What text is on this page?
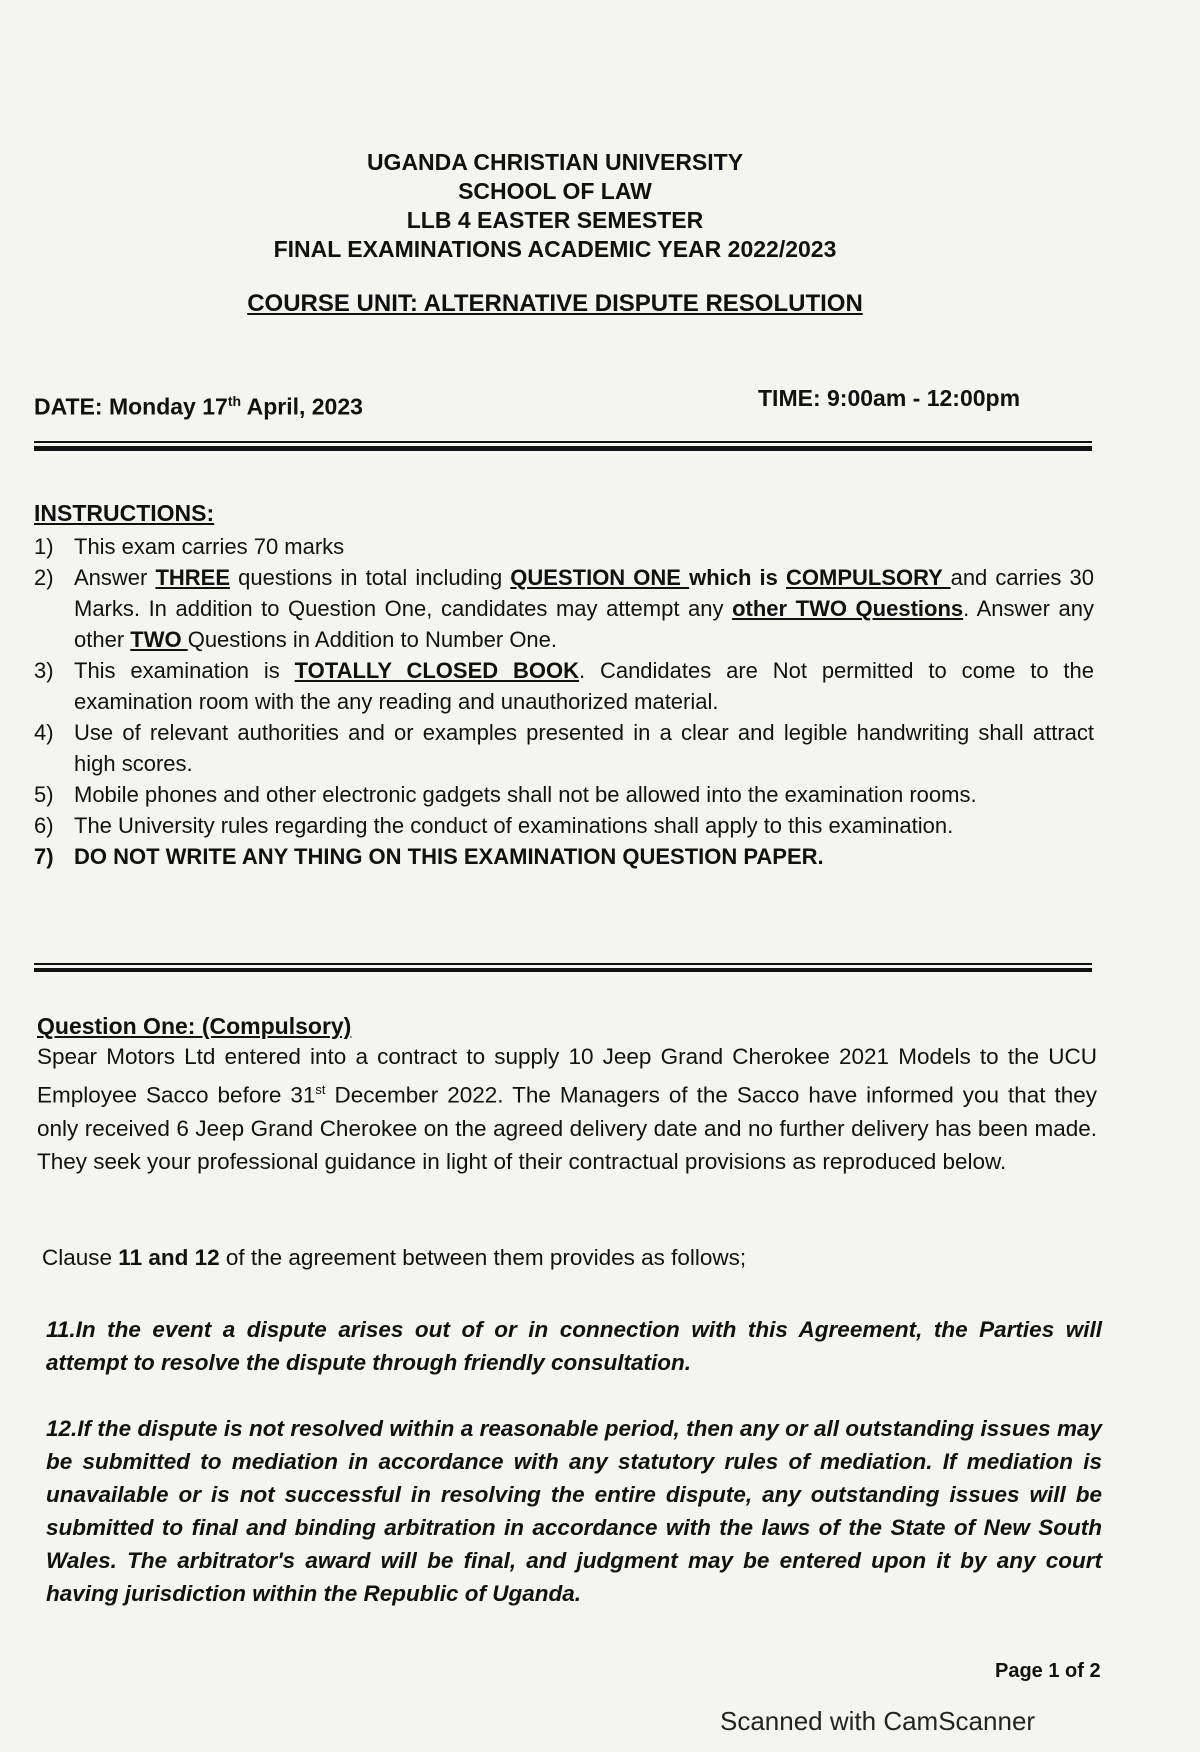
UGANDA CHRISTIAN UNIVERSITY
SCHOOL OF LAW
LLB 4 EASTER SEMESTER
FINAL EXAMINATIONS ACADEMIC YEAR 2022/2023
COURSE UNIT: ALTERNATIVE DISPUTE RESOLUTION
DATE: Monday 17th April, 2023	TIME: 9:00am - 12:00pm
INSTRUCTIONS:
1) This exam carries 70 marks
2) Answer THREE questions in total including QUESTION ONE which is COMPULSORY and carries 30 Marks. In addition to Question One, candidates may attempt any other TWO Questions. Answer any other TWO Questions in Addition to Number One.
3) This examination is TOTALLY CLOSED BOOK. Candidates are Not permitted to come to the examination room with the any reading and unauthorized material.
4) Use of relevant authorities and or examples presented in a clear and legible handwriting shall attract high scores.
5) Mobile phones and other electronic gadgets shall not be allowed into the examination rooms.
6) The University rules regarding the conduct of examinations shall apply to this examination.
7) DO NOT WRITE ANY THING ON THIS EXAMINATION QUESTION PAPER.
Question One: (Compulsory)
Spear Motors Ltd entered into a contract to supply 10 Jeep Grand Cherokee 2021 Models to the UCU Employee Sacco before 31st December 2022. The Managers of the Sacco have informed you that they only received 6 Jeep Grand Cherokee on the agreed delivery date and no further delivery has been made. They seek your professional guidance in light of their contractual provisions as reproduced below.
Clause 11 and 12 of the agreement between them provides as follows;
11.In the event a dispute arises out of or in connection with this Agreement, the Parties will attempt to resolve the dispute through friendly consultation.
12.If the dispute is not resolved within a reasonable period, then any or all outstanding issues may be submitted to mediation in accordance with any statutory rules of mediation. If mediation is unavailable or is not successful in resolving the entire dispute, any outstanding issues will be submitted to final and binding arbitration in accordance with the laws of the State of New South Wales. The arbitrator's award will be final, and judgment may be entered upon it by any court having jurisdiction within the Republic of Uganda.
Page 1 of 2
Scanned with CamScanner
